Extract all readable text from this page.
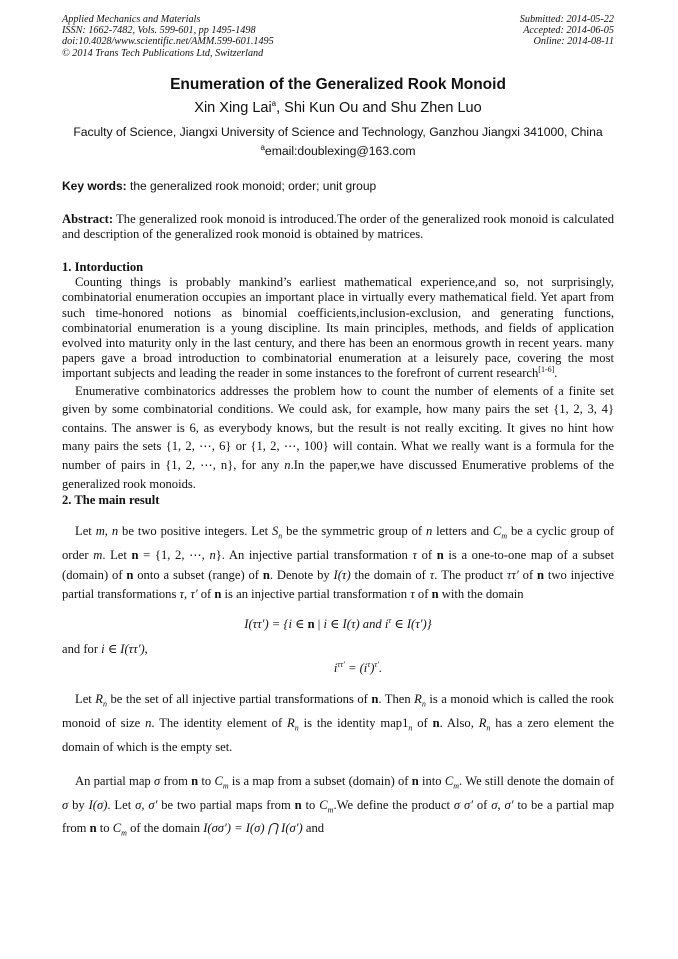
Applied Mechanics and Materials
ISSN: 1662-7482, Vols. 599-601, pp 1495-1498
doi:10.4028/www.scientific.net/AMM.599-601.1495
© 2014 Trans Tech Publications Ltd, Switzerland
Submitted: 2014-05-22
Accepted: 2014-06-05
Online: 2014-08-11
Enumeration of the Generalized Rook Monoid
Xin Xing Lai$^a$, Shi Kun Ou and Shu Zhen Luo
Faculty of Science, Jiangxi University of Science and Technology, Ganzhou Jiangxi 341000, China
$^a$email:doublexing@163.com
Key words: the generalized rook monoid; order; unit group
Abstract: The generalized rook monoid is introduced.The order of the generalized rook monoid is calculated and description of the generalized rook monoid is obtained by matrices.
1. Intorduction

Counting things is probably mankind’s earliest mathematical experience,and so, not surprisingly, combinatorial enumeration occupies an important place in virtually every mathematical field. Yet apart from such time-honored notions as binomial coefficients,inclusion-exclusion, and generating functions, combinatorial enumeration is a young discipline. Its main principles, methods, and fields of application evolved into maturity only in the last century, and there has been an enormous growth in recent years. many papers gave a broad introduction to combinatorial enumeration at a leisurely pace, covering the most important subjects and leading the reader in some instances to the forefront of current research[1-6].

Enumerative combinatorics addresses the problem how to count the number of elements of a finite set given by some combinatorial conditions. We could ask, for example, how many pairs the set {1, 2, 3, 4} contains. The answer is 6, as everybody knows, but the result is not really exciting. It gives no hint how many pairs the sets {1, 2, ⋯, 6} or {1, 2, ⋯, 100} will contain. What we really want is a formula for the number of pairs in {1, 2, ⋯, n}, for any n.In the paper,we have discussed Enumerative problems of the generalized rook monoids.

2. The main result

Let m, n be two positive integers. Let $S_n$ be the symmetric group of n letters and $C_m$ be a cyclic group of order m. Let n = {1, 2, ⋯, n}. An injective partial transformation τ of n is a one-to-one map of a subset (domain) of n onto a subset (range) of n. Denote by I(τ) the domain of τ. The product ττ′ of n two injective partial transformations τ, τ′ of n is an injective partial transformation τ of n with the domain

I(ττ′) = {i ∈ n | i ∈ I(τ) and $i^\tau$ ∈ I(τ′)}

and for i ∈ I(ττ′),

$i^{\tau\tau'} = (i^\tau)^{\tau'}$.

Let $R_n$ be the set of all injective partial transformations of n. Then $R_n$ is a monoid which is called the rook monoid of size n. The identity element of $R_n$ is the identity $map1_n$ of n. Also, $R_n$ has a zero element the domain of which is the empty set.

An partial map σ from n to $C_m$ is a map from a subset (domain) of n into $C_m$. We still denote the domain of σ by I(σ). Let σ, σ′ be two partial maps from n to $C_m.We$ define the product σ σ′ of σ, σ′ to be a partial map from n to $C_m$ of the domain I(σσ′) = I(σ) ⋂ I(σ′) and
